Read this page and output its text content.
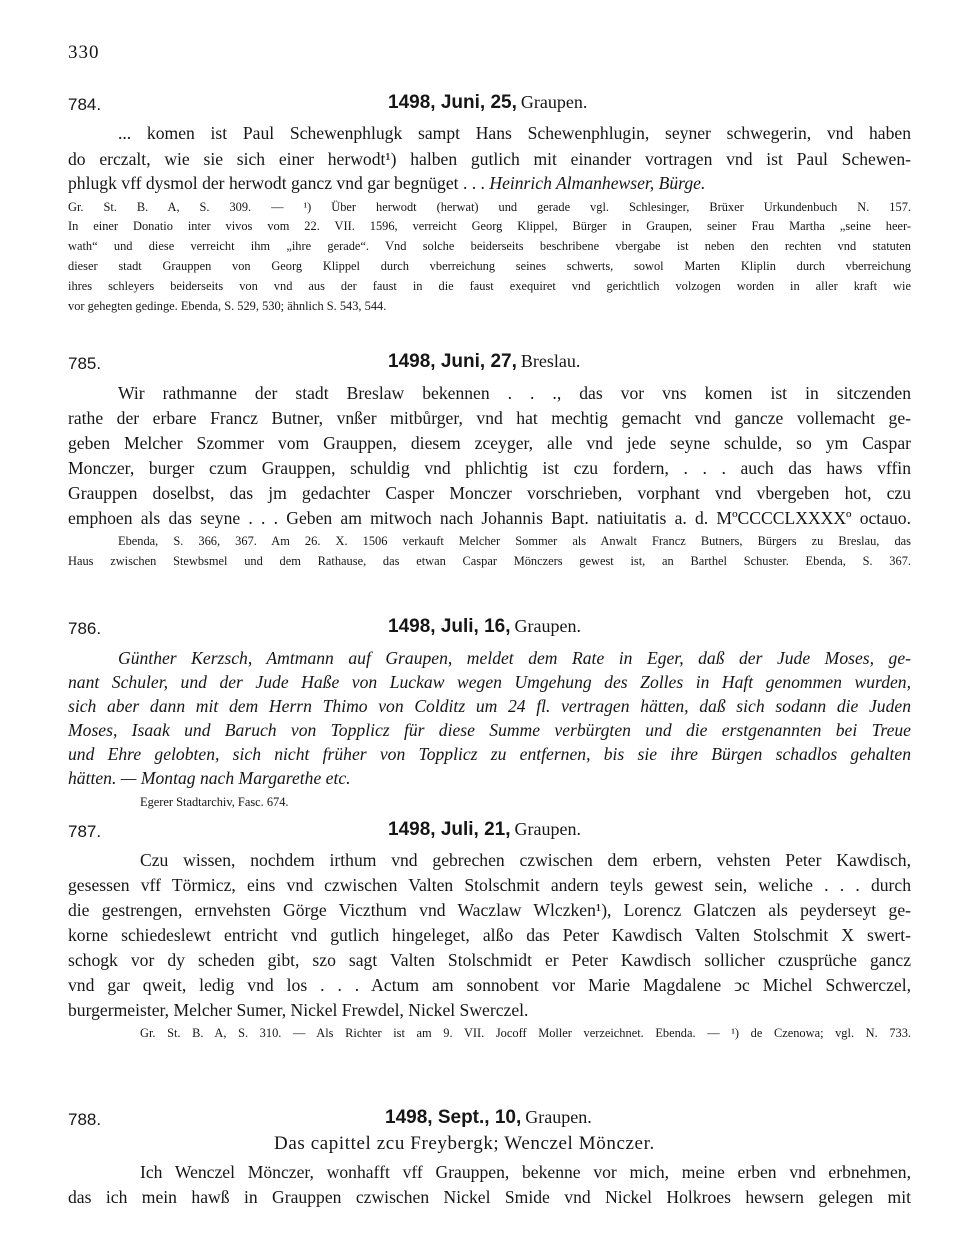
330
784.	1498, Juni, 25, Graupen.
... komen ist Paul Schewenphlugk sampt Hans Schewenphlugin, seyner schwegerin, vnd haben
do erczalt, wie sie sich einer herwodt¹) halben gutlich mit einander vortragen vnd ist Paul Schewen-
phlugk vff dysmol der herwodt gancz vnd gar begnüget . . . Heinrich Almanhewser, Bürge.
Gr. St. B. A, S. 309. — ¹) Über herwodt (herwat) und gerade vgl. Schlesinger, Brüxer Urkundenbuch N. 157.
In einer Donatio inter vivos vom 22. VII. 1596, verreicht Georg Klippel, Bürger in Graupen, seiner Frau Martha „seine heer-
wath“ und diese verreicht ihm „ihre gerade“. Vnd solche beiderseits beschribene vbergabe ist neben den rechten vnd statuten
dieser stadt Grauppen von Georg Klippel durch vberreichung seines schwerts, sowol Marten Kliplin durch vberreichung
ihres schleyers beiderseits von vnd aus der faust in die faust exequiret vnd gerichtlich volzogen worden in aller kraft wie
vor gehegten gedinge. Ebenda, S. 529, 530; ähnlich S. 543, 544.
785.	1498, Juni, 27, Breslau.
Wir rathmanne der stadt Breslaw bekennen . . ., das vor vns komen ist in sitczenden
rathe der erbare Francz Butner, vnßer mitbůrger, vnd hat mechtig gemacht vnd gancze vollemacht ge-
geben Melcher Szommer vom Grauppen, diesem zceyger, alle vnd jede seyne schulde, so ym Caspar
Monczer, burger czum Grauppen, schuldig vnd phlichtig ist czu fordern, . . . auch das haws vffin
Grauppen doselbst, das jm gedachter Casper Monczer vorschrieben, vorphant vnd vbergeben hot, czu
emphoen als das seyne . . . Geben am mitwoch nach Johannis Bapt. natiuitatis a. d. MºCCCCLXXXXº octauo.
Ebenda, S. 366, 367. Am 26. X. 1506 verkauft Melcher Sommer als Anwalt Francz Butners, Bürgers zu Breslau, das
Haus zwischen Stewbsmel und dem Rathause, das etwan Caspar Mönczers gewest ist, an Barthel Schuster. Ebenda, S. 367.
786.	1498, Juli, 16, Graupen.
Günther Kerzsch, Amtmann auf Graupen, meldet dem Rate in Eger, daß der Jude Moses, ge-
nant Schuler, und der Jude Haße von Luckaw wegen Umgehung des Zolles in Haft genommen wurden,
sich aber dann mit dem Herrn Thimo von Colditz um 24 fl. vertragen hätten, daß sich sodann die Juden
Moses, Isaak und Baruch von Topplicz für diese Summe verbürgten und die erstgenannten bei Treue
und Ehre gelobten, sich nicht früher von Topplicz zu entfernen, bis sie ihre Bürgen schadlos gehalten
hätten. — Montag nach Margarethe etc.
Egerer Stadtarchiv, Fasc. 674.
787.	1498, Juli, 21, Graupen.
Czu wissen, nochdem irthum vnd gebrechen czwischen dem erbern, vehsten Peter Kawdisch,
gesessen vff Törmicz, eins vnd czwischen Valten Stolschmit andern teyls gewest sein, weliche . . . durch
die gestrengen, ernvehsten Görge Viczthum vnd Waczlaw Wlczken¹), Lorencz Glatczen als peyderseyt ge-
korne schiedeslewt entricht vnd gutlich hingeleget, alßo das Peter Kawdisch Valten Stolschmit X swert-
schogk vor dy scheden gibt, szo sagt Valten Stolschmidt er Peter Kawdisch sollicher czusprüche gancz
vnd gar qweit, ledig vnd los . . . Actum am sonnobent vor Marie Magdalene ↄc Michel Schwerczel,
burgermeister, Melcher Sumer, Nickel Frewdel, Nickel Swerczel.
Gr. St. B. A, S. 310. — Als Richter ist am 9. VII. Jocoff Moller verzeichnet. Ebenda. — ¹) de Czenowa; vgl. N. 733.
788.	1498, Sept., 10, Graupen.
Das capittel zcu Freybergk; Wenczel Mönczer.
Ich Wenczel Mönczer, wonhafft vff Grauppen, bekenne vor mich, meine erben vnd erbnehmen,
das ich mein hawß in Grauppen czwischen Nickel Smide vnd Nickel Holkroes hewsern gelegen mit
